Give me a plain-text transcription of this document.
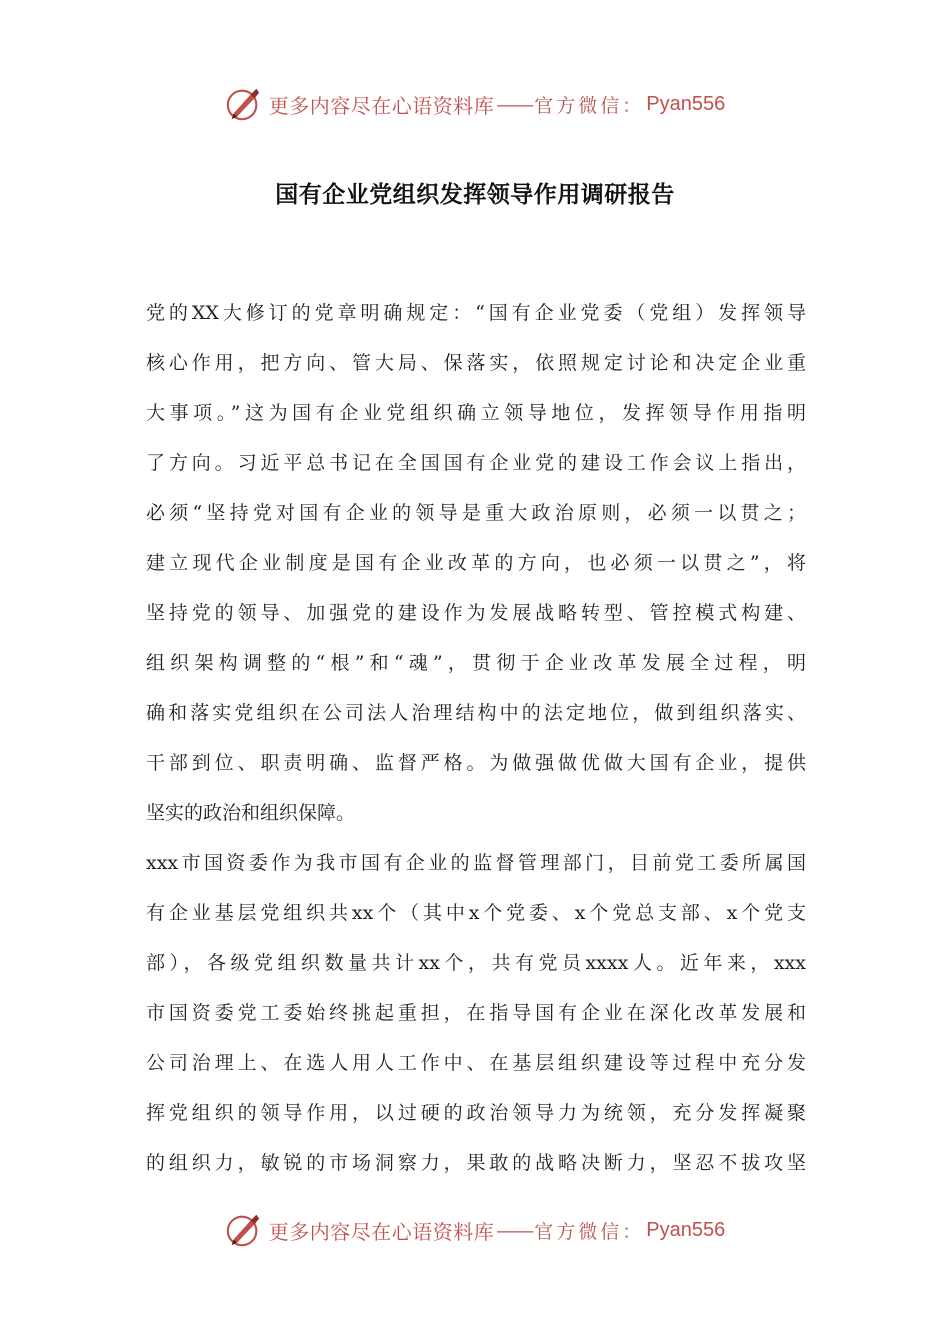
更多内容尽在心语资料库 —— 官方微信： Pyan556
国有企业党组织发挥领导作用调研报告
党的XX大修订的党章明确规定：“国有企业党委（党组）发挥领导
核心作用，把方向、管大局、保落实，依照规定讨论和决定企业重
大事项。”这为国有企业党组织确立领导地位，发挥领导作用指明
了方向。习近平总书记在全国国有企业党的建设工作会议上指出，
必须“坚持党对国有企业的领导是重大政治原则，必须一以贯之；
建立现代企业制度是国有企业改革的方向，也必须一以贯之”，将
坚持党的领导、加强党的建设作为发展战略转型、管控模式构建、
组织架构调整的“根”和“魂”，贯彻于企业改革发展全过程，明
确和落实党组织在公司法人治理结构中的法定地位，做到组织落实、
干部到位、职责明确、监督严格。为做强做优做大国有企业，提供
坚实的政治和组织保障。
xxx市国资委作为我市国有企业的监督管理部门，目前党工委所属国
有企业基层党组织共xx个（其中x个党委、x个党总支部、x个党支
部），各级党组织数量共计xx个，共有党员xxxx人。近年来，xxx
市国资委党工委始终挑起重担，在指导国有企业在深化改革发展和
公司治理上、在选人用人工作中、在基层组织建设等过程中充分发
挥党组织的领导作用，以过硬的政治领导力为统领，充分发挥凝聚
的组织力，敏锐的市场洞察力，果敢的战略决断力，坚忍不拔攻坚
更多内容尽在心语资料库 —— 官方微信： Pyan556
